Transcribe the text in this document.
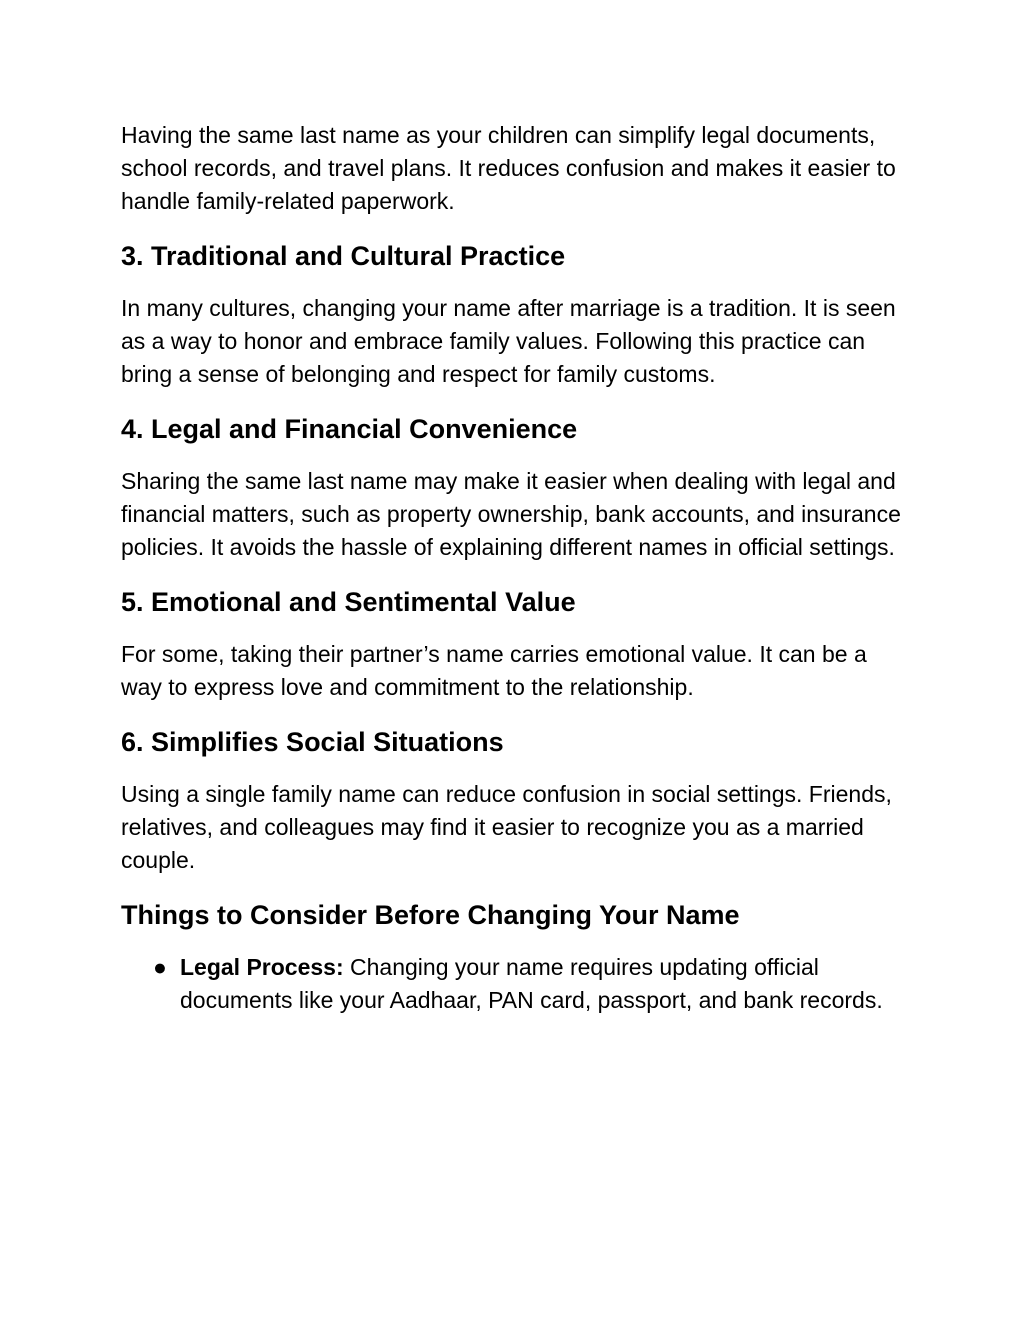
Having the same last name as your children can simplify legal documents, school records, and travel plans. It reduces confusion and makes it easier to handle family-related paperwork.

3. Traditional and Cultural Practice

In many cultures, changing your name after marriage is a tradition. It is seen as a way to honor and embrace family values. Following this practice can bring a sense of belonging and respect for family customs.

4. Legal and Financial Convenience

Sharing the same last name may make it easier when dealing with legal and financial matters, such as property ownership, bank accounts, and insurance policies. It avoids the hassle of explaining different names in official settings.

5. Emotional and Sentimental Value

For some, taking their partner’s name carries emotional value. It can be a way to express love and commitment to the relationship.

6. Simplifies Social Situations

Using a single family name can reduce confusion in social settings. Friends, relatives, and colleagues may find it easier to recognize you as a married couple.

Things to Consider Before Changing Your Name
● Legal Process: Changing your name requires updating official documents like your Aadhaar, PAN card, passport, and bank records.
